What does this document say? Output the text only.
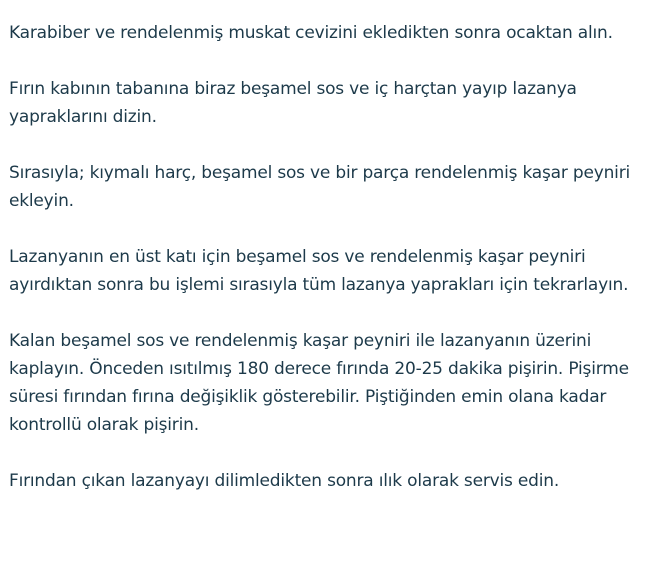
Karabiber ve rendelenmiş muskat cevizini ekledikten sonra ocaktan alın.

Fırın kabının tabanına biraz beşamel sos ve iç harçtan yayıp lazanya yapraklarını dizin.

Sırasıyla; kıymalı harç, beşamel sos ve bir parça rendelenmiş kaşar peyniri ekleyin.

Lazanyanın en üst katı için beşamel sos ve rendelenmiş kaşar peyniri ayırdıktan sonra bu işlemi sırasıyla tüm lazanya yaprakları için tekrarlayın.

Kalan beşamel sos ve rendelenmiş kaşar peyniri ile lazanyanın üzerini kaplayın. Önceden ısıtılmış 180 derece fırında 20-25 dakika pişirin. Pişirme süresi fırından fırına değişiklik gösterebilir. Piştiğinden emin olana kadar kontrollü olarak pişirin.

Fırından çıkan lazanyayı dilimledikten sonra ılık olarak servis edin.
